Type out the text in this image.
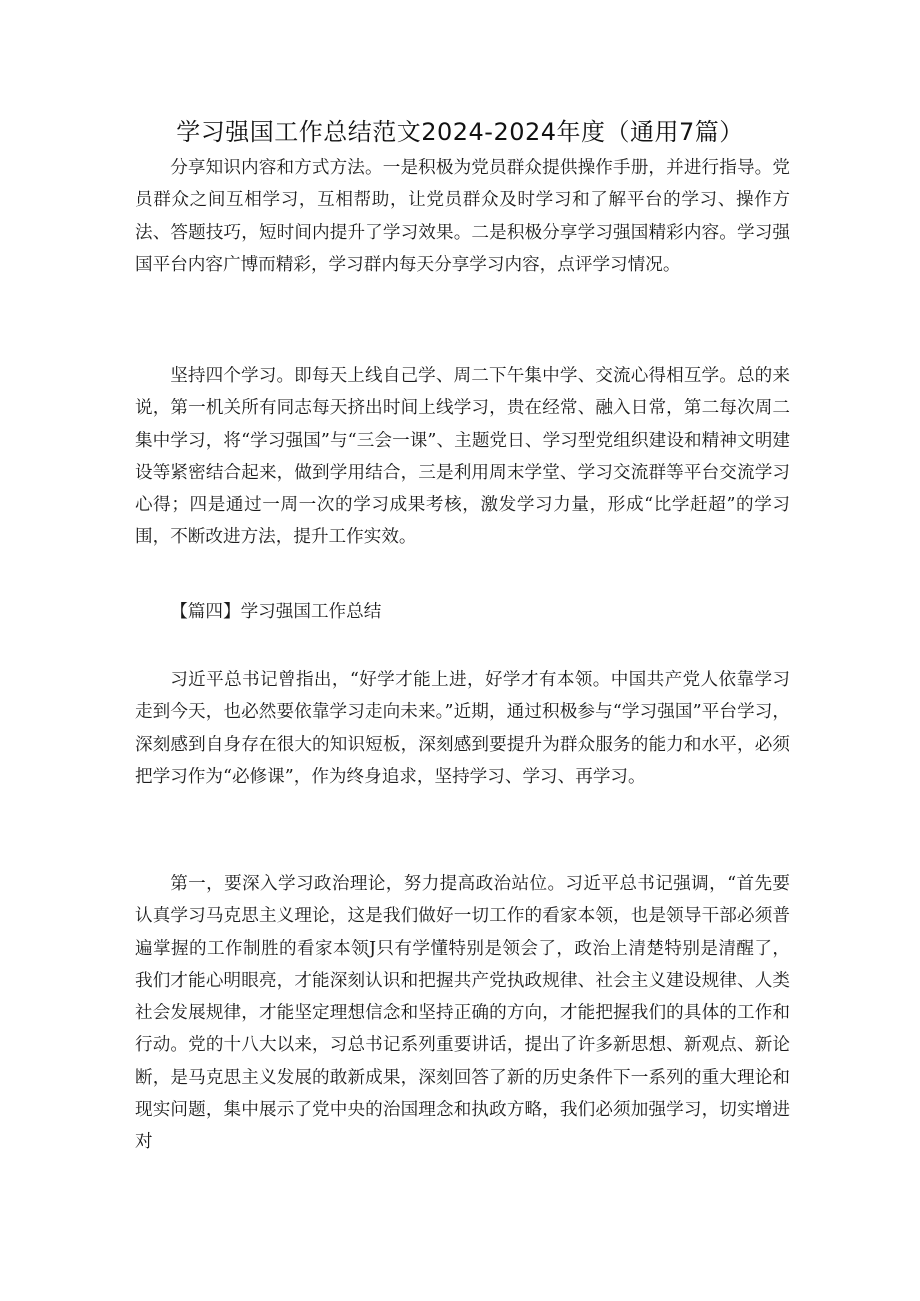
学习强国工作总结范文2024-2024年度（通用7篇）

分享知识内容和方式方法。一是积极为党员群众提供操作手册，并进行指导。党员群众之间互相学习，互相帮助，让党员群众及时学习和了解平台的学习、操作方法、答题技巧，短时间内提升了学习效果。二是积极分享学习强国精彩内容。学习强国平台内容广博而精彩，学习群内每天分享学习内容，点评学习情况。

坚持四个学习。即每天上线自己学、周二下午集中学、交流心得相互学。总的来说，第一机关所有同志每天挤出时间上线学习，贵在经常、融入日常，第二每次周二集中学习，将“学习强国”与“三会一课”、主题党日、学习型党组织建设和精神文明建设等紧密结合起来，做到学用结合，三是利用周末学堂、学习交流群等平台交流学习心得；四是通过一周一次的学习成果考核，激发学习力量，形成“比学赶超”的学习围，不断改进方法，提升工作实效。

【篇四】学习强国工作总结

习近平总书记曾指出，“好学才能上进，好学才有本领。中国共产党人依靠学习走到今天，也必然要依靠学习走向未来。”近期，通过积极参与“学习强国”平台学习，深刻感到自身存在很大的知识短板，深刻感到要提升为群众服务的能力和水平，必须把学习作为“必修课”，作为终身追求，坚持学习、学习、再学习。

第一，要深入学习政治理论，努力提高政治站位。习近平总书记强调，“首先要认真学习马克思主义理论，这是我们做好一切工作的看家本领，也是领导干部必须普遍掌握的工作制胜的看家本领J只有学懂特别是领会了，政治上清楚特别是清醒了，我们才能心明眼亮，才能深刻认识和把握共产党执政规律、社会主义建设规律、人类社会发展规律，才能坚定理想信念和坚持正确的方向，才能把握我们的具体的工作和行动。党的十八大以来，习总书记系列重要讲话，提出了许多新思想、新观点、新论断，是马克思主义发展的敢新成果，深刻回答了新的历史条件下一系列的重大理论和现实问题，集中展示了党中央的治国理念和执政方略，我们必须加强学习，切实增进对
